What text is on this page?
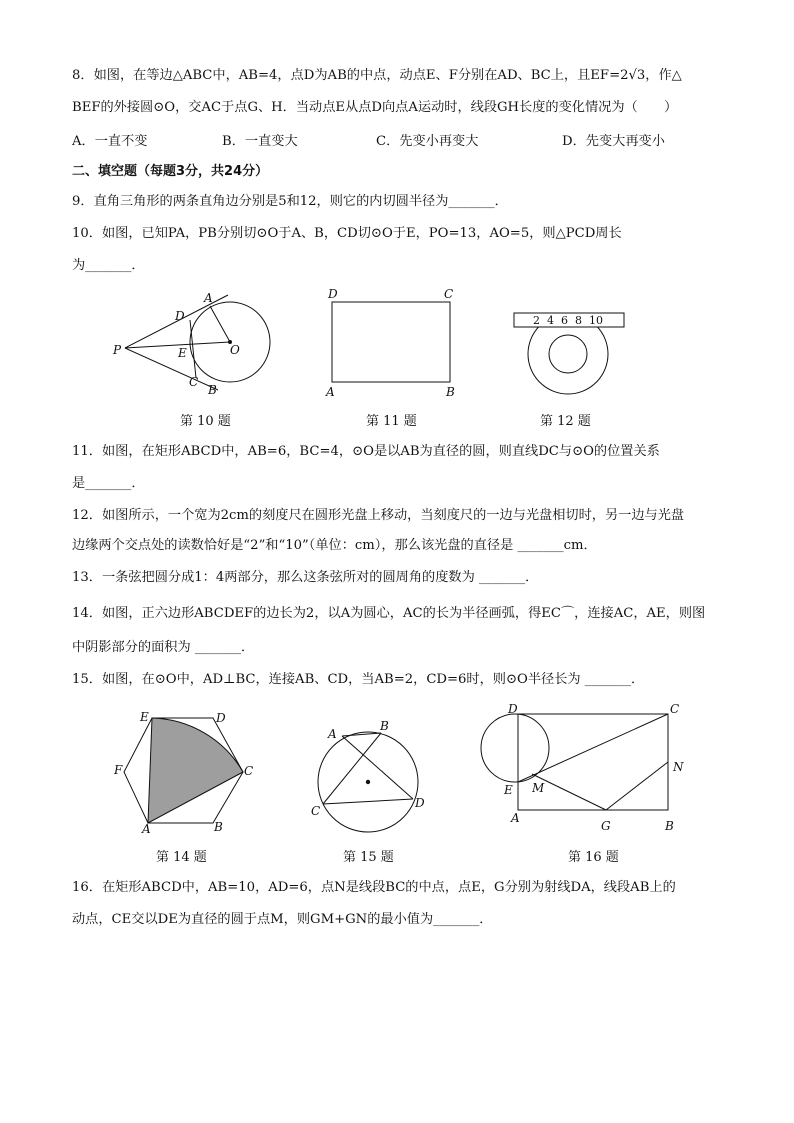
8．如图，在等边△ABC中，AB=4，点D为AB的中点，动点E、F分别在AD、BC上，且EF=2√3，作△
BEF的外接圆⊙O，交AC于点G、H．当动点E从点D向点A运动时，线段GH长度的变化情况为（　　）
A．一直不变	B．一直变大	C．先变小再变大	D．先变大再变小
二、填空题（每题3分，共24分）
9．直角三角形的两条直角边分别是5和12，则它的内切圆半径为_______．
10．如图，已知PA，PB分别切⊙O于A、B，CD切⊙O于E，PO=13，AO=5，则△PCD周长
为_______．
A
D
O
P	E
C
B
第 10 题
D	C
A	B
第 11 题
2 4 6 8 10
第 12 题
11．如图，在矩形ABCD中，AB=6，BC=4，⊙O是以AB为直径的圆，则直线DC与⊙O的位置关系
是_______．
12．如图所示，一个宽为2cm的刻度尺在圆形光盘上移动，当刻度尺的一边与光盘相切时，另一边与光盘
边缘两个交点处的读数恰好是“2”和“10”（单位：cm），那么该光盘的直径是 _______cm．
13．一条弦把圆分成1：4两部分，那么这条弦所对的圆周角的度数为 _______．
14．如图，正六边形ABCDEF的边长为2，以A为圆心，AC的长为半径画弧，得EC⌒，连接AC，AE，则图
中阴影部分的面积为 _______．
15．如图，在⊙O中，AD⊥BC，连接AB、CD，当AB=2，CD=6时，则⊙O半径长为 _______．
E	D
F	C
A	B
第 14 题
A
B
C
D
第 15 题
D	C
N
E M
A
G	B
第 16 题
16．在矩形ABCD中，AB=10，AD=6，点N是线段BC的中点，点E，G分别为射线DA，线段AB上的
动点，CE交以DE为直径的圆于点M，则GM+GN的最小值为_______．
